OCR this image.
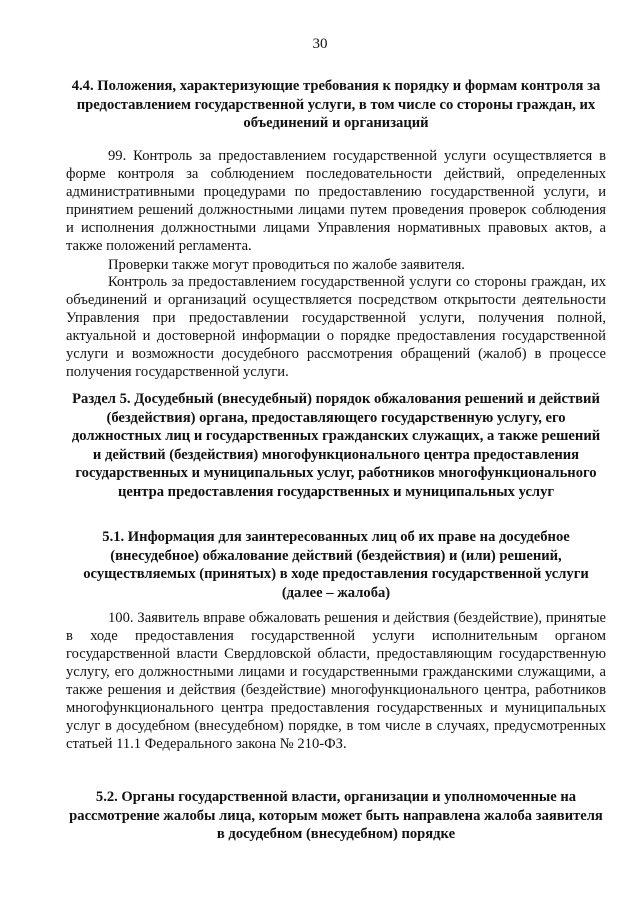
30
4.4. Положения, характеризующие требования к порядку и формам контроля за предоставлением государственной услуги, в том числе со стороны граждан, их объединений и организаций
99. Контроль за предоставлением государственной услуги осуществляется в форме контроля за соблюдением последовательности действий, определенных административными процедурами по предоставлению государственной услуги, и принятием решений должностными лицами путем проведения проверок соблюдения и исполнения должностными лицами Управления нормативных правовых актов, а также положений регламента.
Проверки также могут проводиться по жалобе заявителя.
Контроль за предоставлением государственной услуги со стороны граждан, их объединений и организаций осуществляется посредством открытости деятельности Управления при предоставлении государственной услуги, получения полной, актуальной и достоверной информации о порядке предоставления государственной услуги и возможности досудебного рассмотрения обращений (жалоб) в процессе получения государственной услуги.
Раздел 5. Досудебный (внесудебный) порядок обжалования решений и действий (бездействия) органа, предоставляющего государственную услугу, его должностных лиц и государственных гражданских служащих, а также решений и действий (бездействия) многофункционального центра предоставления государственных и муниципальных услуг, работников многофункционального центра предоставления государственных и муниципальных услуг
5.1. Информация для заинтересованных лиц об их праве на досудебное (внесудебное) обжалование действий (бездействия) и (или) решений, осуществляемых (принятых) в ходе предоставления государственной услуги (далее – жалоба)
100. Заявитель вправе обжаловать решения и действия (бездействие), принятые в ходе предоставления государственной услуги исполнительным органом государственной власти Свердловской области, предоставляющим государственную услугу, его должностными лицами и государственными гражданскими служащими, а также решения и действия (бездействие) многофункционального центра, работников многофункционального центра предоставления государственных и муниципальных услуг в досудебном (внесудебном) порядке, в том числе в случаях, предусмотренных статьей 11.1 Федерального закона № 210-ФЗ.
5.2. Органы государственной власти, организации и уполномоченные на рассмотрение жалобы лица, которым может быть направлена жалоба заявителя в досудебном (внесудебном) порядке
